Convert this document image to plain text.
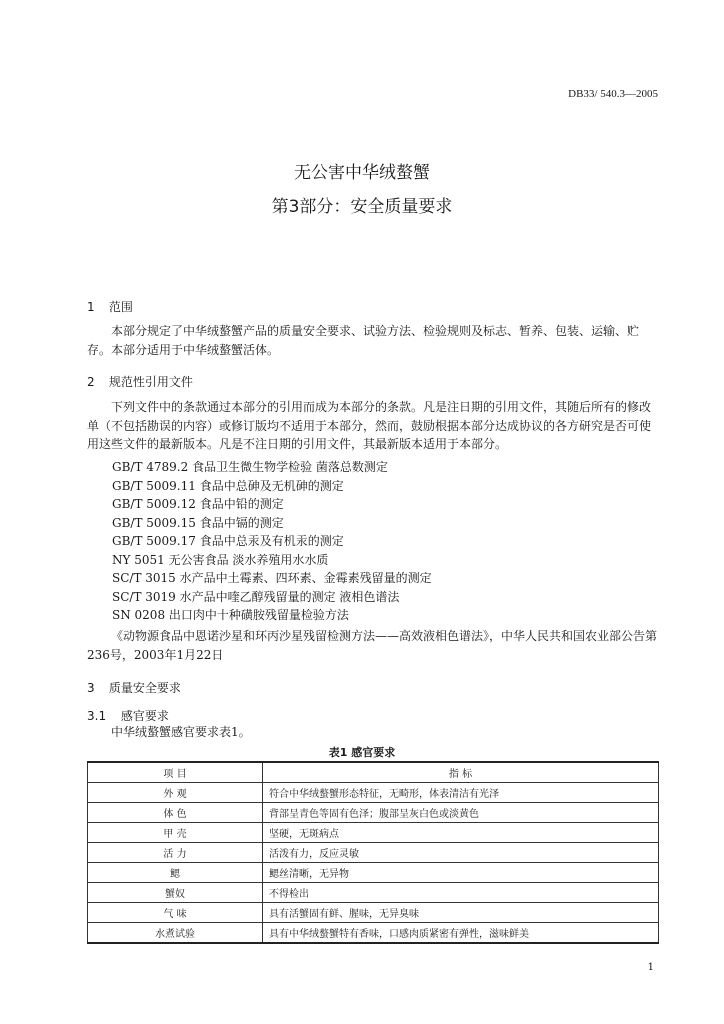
DB33/ 540.3—2005
无公害中华绒螯蟹
第3部分：安全质量要求
1 范围
本部分规定了中华绒螯蟹产品的质量安全要求、试验方法、检验规则及标志、暂养、包装、运输、贮存。 本部分适用于中华绒螯蟹活体。
2 规范性引用文件
下列文件中的条款通过本部分的引用而成为本部分的条款。凡是注日期的引用文件，其随后所有的修改单（不包括勘误的内容）或修订版均不适用于本部分，然而，鼓励根据本部分达成协议的各方研究是否可使用这些文件的最新版本。凡是不注日期的引用文件，其最新版本适用于本部分。
GB/T 4789.2 食品卫生微生物学检验 菌落总数测定
GB/T 5009.11 食品中总砷及无机砷的测定
GB/T 5009.12 食品中铅的测定
GB/T 5009.15 食品中镉的测定
GB/T 5009.17 食品中总汞及有机汞的测定
NY 5051 无公害食品 淡水养殖用水水质
SC/T 3015 水产品中土霉素、四环素、金霉素残留量的测定
SC/T 3019 水产品中喹乙醇残留量的测定 液相色谱法
SN 0208 出口肉中十种磺胺残留量检验方法
《动物源食品中恩诺沙星和环丙沙星残留检测方法——高效液相色谱法》，中华人民共和国农业部公告第236号，2003年1月22日
3 质量安全要求
3.1 感官要求
中华绒螯蟹感官要求表1。
表1 感官要求
项 目	指 标
外 观	符合中华绒螯蟹形态特征，无畸形，体表清洁有光泽
体 色	背部呈青色等固有色泽；腹部呈灰白色或淡黄色
甲 壳	坚硬，无斑病点
活 力	活泼有力，反应灵敏
鳃	鳃丝清晰，无异物
蟹奴	不得检出
气 味	具有活蟹固有鲜、腥味，无异臭味
水煮试验	具有中华绒螯蟹特有香味，口感肉质紧密有弹性，滋味鲜美
1
